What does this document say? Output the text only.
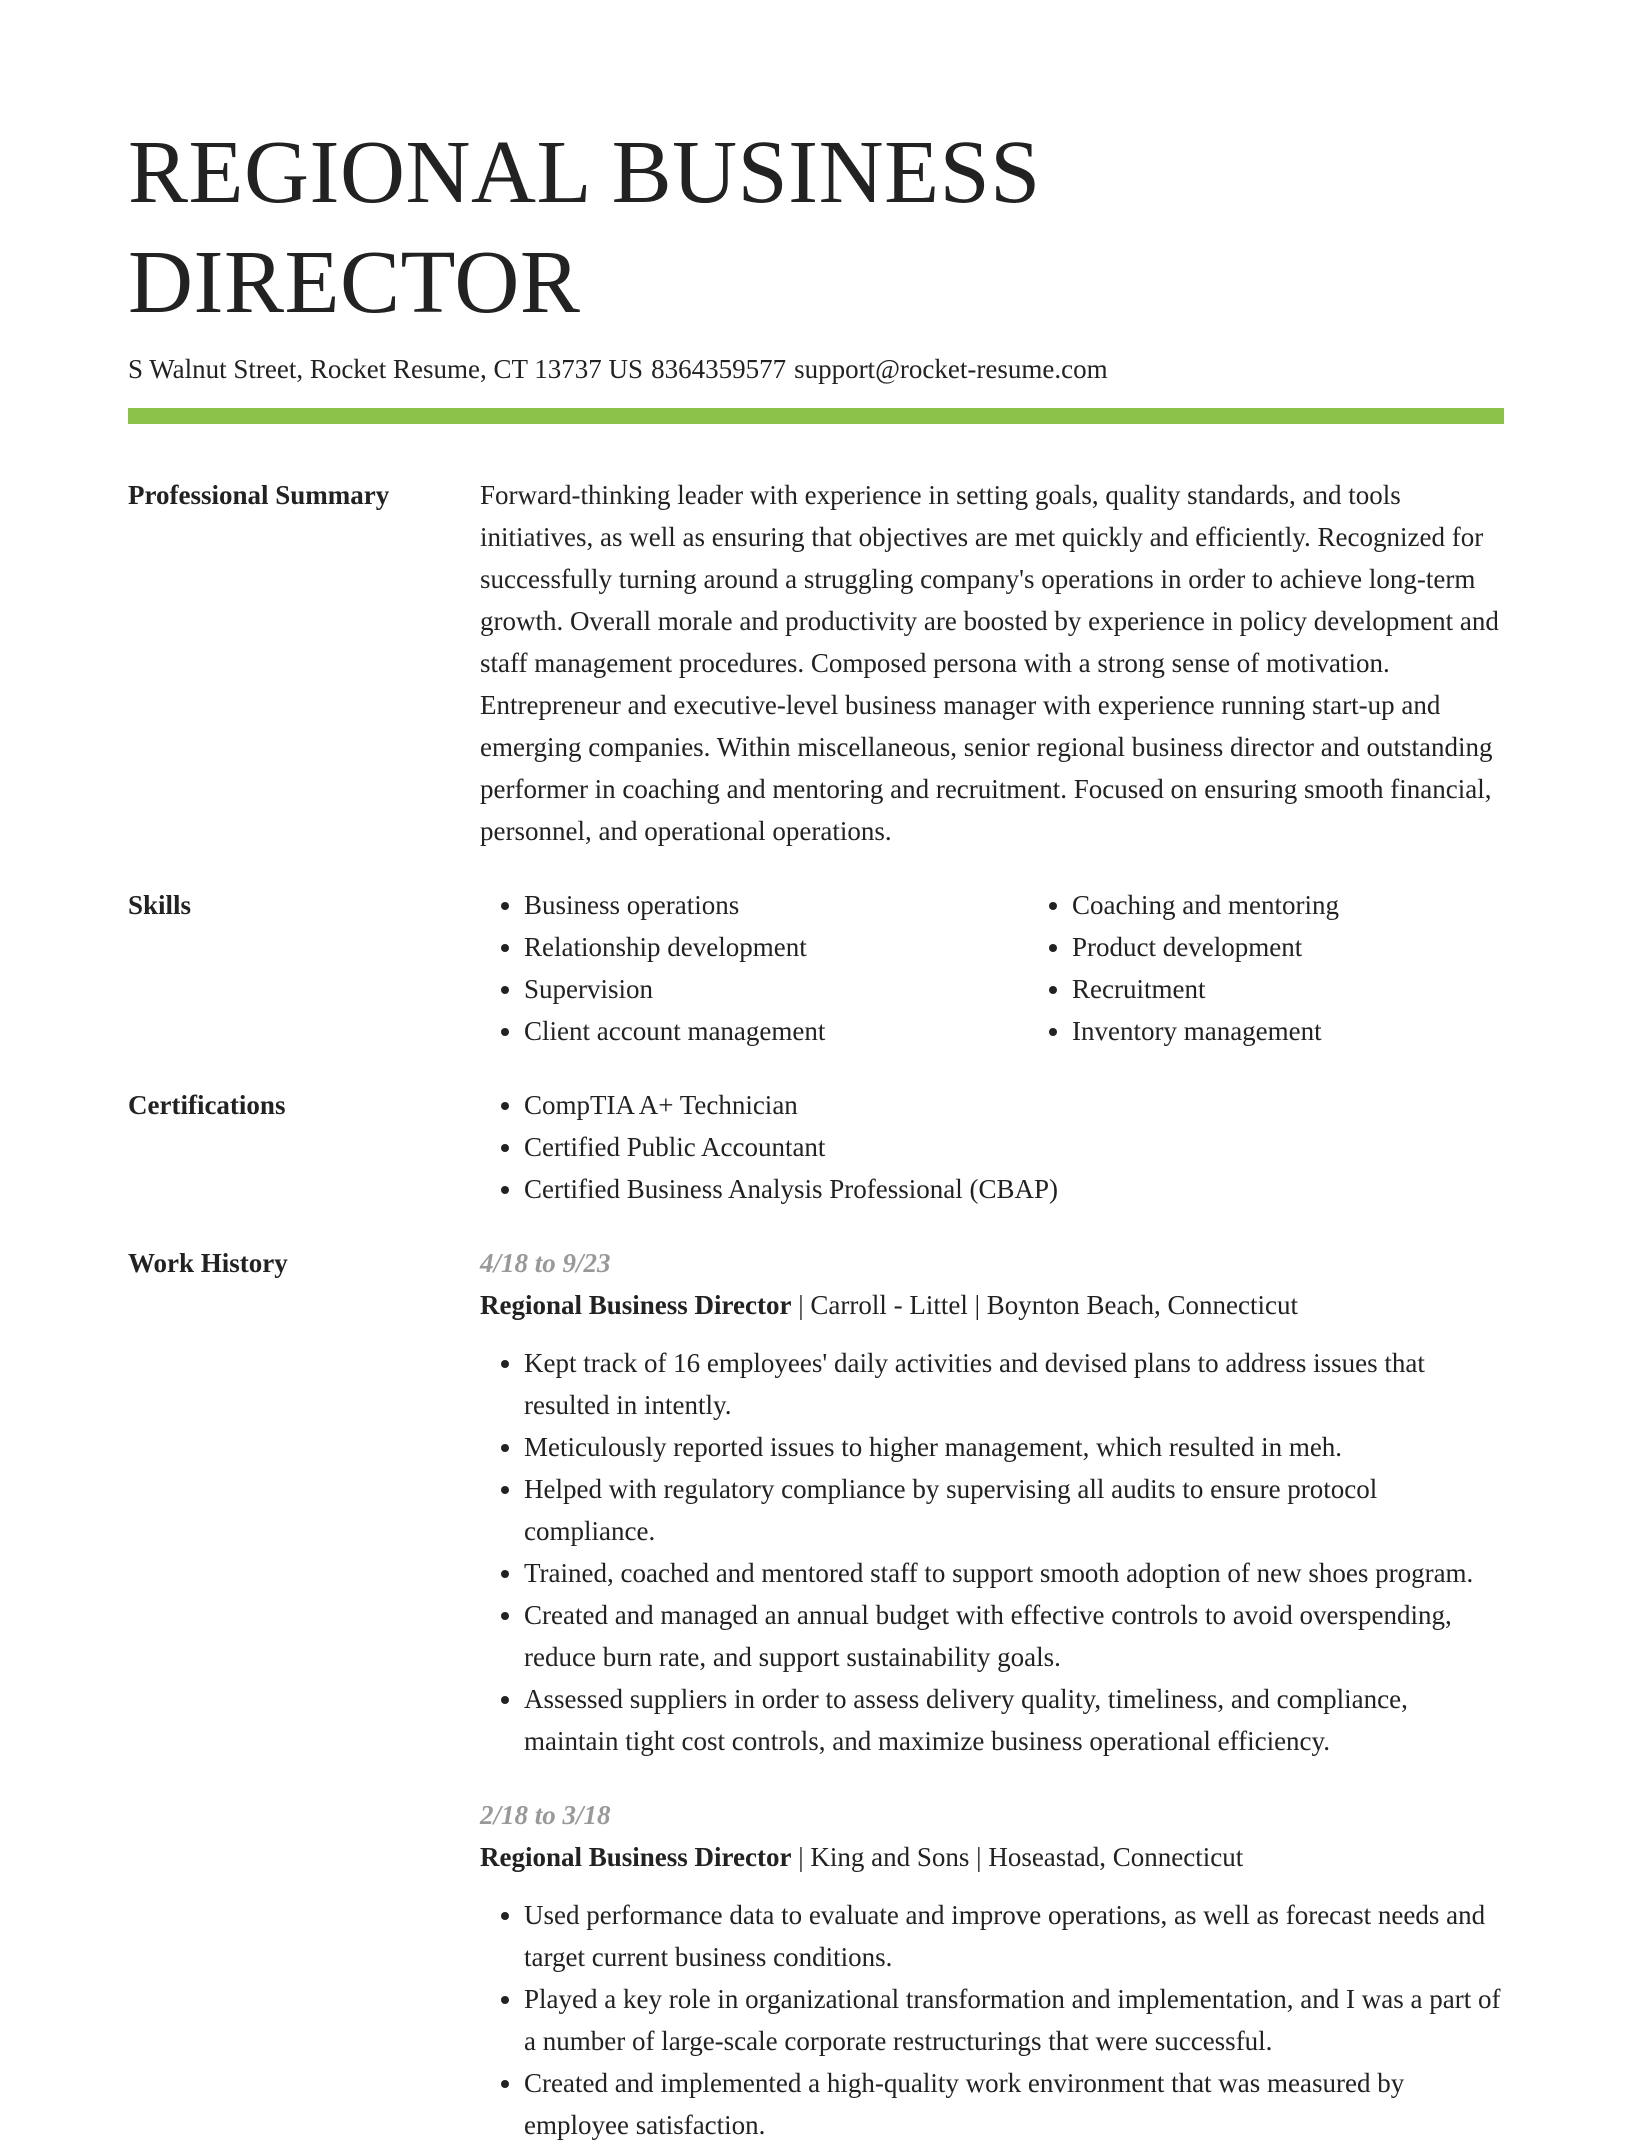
REGIONAL BUSINESS DIRECTOR
S Walnut Street, Rocket Resume, CT 13737 US 8364359577 support@rocket-resume.com
Professional Summary	Forward-thinking leader with experience in setting goals, quality standards, and tools initiatives, as well as ensuring that objectives are met quickly and efficiently. Recognized for successfully turning around a struggling company's operations in order to achieve long-term growth. Overall morale and productivity are boosted by experience in policy development and staff management procedures. Composed persona with a strong sense of motivation. Entrepreneur and executive-level business manager with experience running start-up and emerging companies. Within miscellaneous, senior regional business director and outstanding performer in coaching and mentoring and recruitment. Focused on ensuring smooth financial, personnel, and operational operations.

Skills	• Business operations
• Relationship development
• Supervision
• Client account management
• Coaching and mentoring
• Product development
• Recruitment
• Inventory management
Certifications	• CompTIA A+ Technician
• Certified Public Accountant
• Certified Business Analysis Professional (CBAP)
Work History	4/18 to 9/23
Regional Business Director | Carroll - Littel | Boynton Beach, Connecticut
• Kept track of 16 employees' daily activities and devised plans to address issues that resulted in intently.
• Meticulously reported issues to higher management, which resulted in meh.
• Helped with regulatory compliance by supervising all audits to ensure protocol compliance.
• Trained, coached and mentored staff to support smooth adoption of new shoes program.
• Created and managed an annual budget with effective controls to avoid overspending, reduce burn rate, and support sustainability goals.
• Assessed suppliers in order to assess delivery quality, timeliness, and compliance, maintain tight cost controls, and maximize business operational efficiency.
2/18 to 3/18
Regional Business Director | King and Sons | Hoseastad, Connecticut
• Used performance data to evaluate and improve operations, as well as forecast needs and target current business conditions.
• Played a key role in organizational transformation and implementation, and I was a part of a number of large-scale corporate restructurings that were successful.
• Created and implemented a high-quality work environment that was measured by employee satisfaction.
